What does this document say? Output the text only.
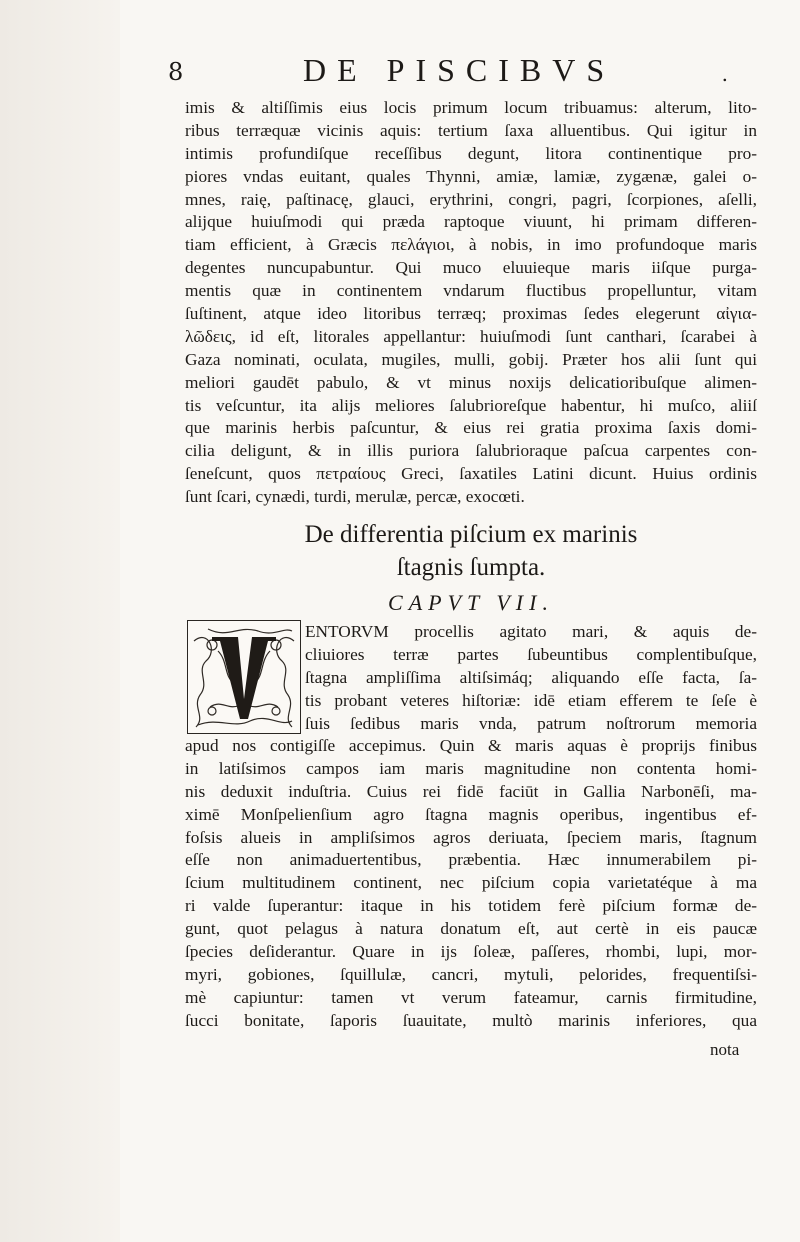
8	DE PISCIBVS	.
imis & altiſſimis eius locis primum locum tribuamus: alterum, lito-
ribus terræquæ vicinis aquis: tertium ſaxa alluentibus. Qui igitur in
intimis profundiſque receſſibus degunt, litora continentique pro-
piores vndas euitant, quales Thynni, amiæ, lamiæ, zygænæ, galei o-
mnes, raię, paſtinacę, glauci, erythrini, congri, pagri, ſcorpiones, aſelli,
alijque huiuſmodi qui præda raptoque viuunt, hi primam differen-
tiam efficient, à Græcis πελάγιοι, à nobis, in imo profundoque maris
degentes nuncupabuntur. Qui muco eluuieque maris iiſque purga-
mentis quæ in continentem vndarum fluctibus propelluntur, vitam
ſuſtinent, atque ideo litoribus terræq; proximas ſedes elegerunt αἰγια-
λῶδεις, id eſt, litorales appellantur: huiuſmodi ſunt canthari, ſcarabei à
Gaza nominati, oculata, mugiles, mulli, gobij. Præter hos alii ſunt qui
meliori gaudēt pabulo, & vt minus noxijs delicatioribuſque alimen-
tis veſcuntur, ita alijs meliores ſalubrioreſque habentur, hi muſco, aliiſ
que marinis herbis paſcuntur, & eius rei gratia proxima ſaxis domi-
cilia deligunt, & in illis puriora ſalubrioraque paſcua carpentes con-
ſeneſcunt, quos πετραίους Greci, ſaxatiles Latini dicunt. Huius ordinis
ſunt ſcari, cynædi, turdi, merulæ, percæ, exocœti.
De differentia piſcium ex marinis
ſtagnis ſumpta.
CAPVT VII.
ENTORVM procellis agitato mari, & aquis de-
cliuiores terræ partes ſubeuntibus complentibuſque,
ſtagna ampliſſima altiſsimáq; aliquando eſſe facta, ſa-
tis probant veteres hiſtoriæ: idē etiam efferem te ſeſe è
ſuis ſedibus maris vnda, patrum noſtrorum memoria
apud nos contigiſſe accepimus. Quin & maris aquas è proprijs finibus
in latiſsimos campos iam maris magnitudine non contenta homi-
nis deduxit induſtria. Cuius rei fidē faciūt in Gallia Narbonēſi, ma-
ximē Monſpelienſium agro ſtagna magnis operibus, ingentibus ef-
foſsis alueis in ampliſsimos agros deriuata, ſpeciem maris, ſtagnum
eſſe non animaduertentibus, præbentia. Hæc innumerabilem pi-
ſcium multitudinem continent, nec piſcium copia varietatéque à ma
ri valde ſuperantur: itaque in his totidem ferè piſcium formæ de-
gunt, quot pelagus à natura donatum eſt, aut certè in eis paucæ
ſpecies deſiderantur. Quare in ijs ſoleæ, paſſeres, rhombi, lupi, mor-
myri, gobiones, ſquillulæ, cancri, mytuli, pelorides, frequentiſsi-
mè capiuntur: tamen vt verum fateamur, carnis firmitudine,
ſucci bonitate, ſaporis ſuauitate, multò marinis inferiores, qua
nota
